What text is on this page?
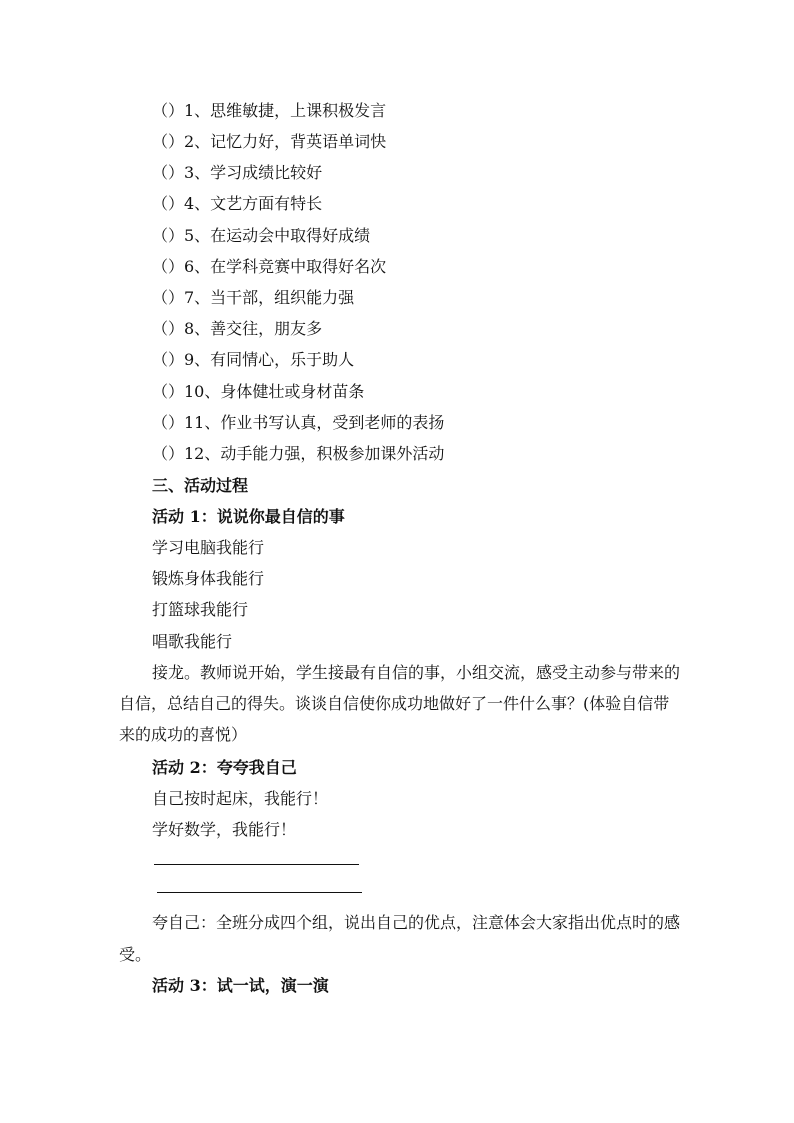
（）1、思维敏捷，上课积极发言
（）2、记忆力好，背英语单词快
（）3、学习成绩比较好
（）4、文艺方面有特长
（）5、在运动会中取得好成绩
（）6、在学科竞赛中取得好名次
（）7、当干部，组织能力强
（）8、善交往，朋友多
（）9、有同情心，乐于助人
（）10、身体健壮或身材苗条
（）11、作业书写认真，受到老师的表扬
（）12、动手能力强，积极参加课外活动
三、活动过程
活动 1：说说你最自信的事
学习电脑我能行
锻炼身体我能行
打篮球我能行
唱歌我能行
接龙。教师说开始，学生接最有自信的事，小组交流，感受主动参与带来的
自信，总结自己的得失。谈谈自信使你成功地做好了一件什么事？(体验自信带
来的成功的喜悦）
活动 2：夸夸我自己
自己按时起床，我能行！
学好数学，我能行！
夸自己：全班分成四个组，说出自己的优点，注意体会大家指出优点时的感
受。
活动 3：试一试，演一演
